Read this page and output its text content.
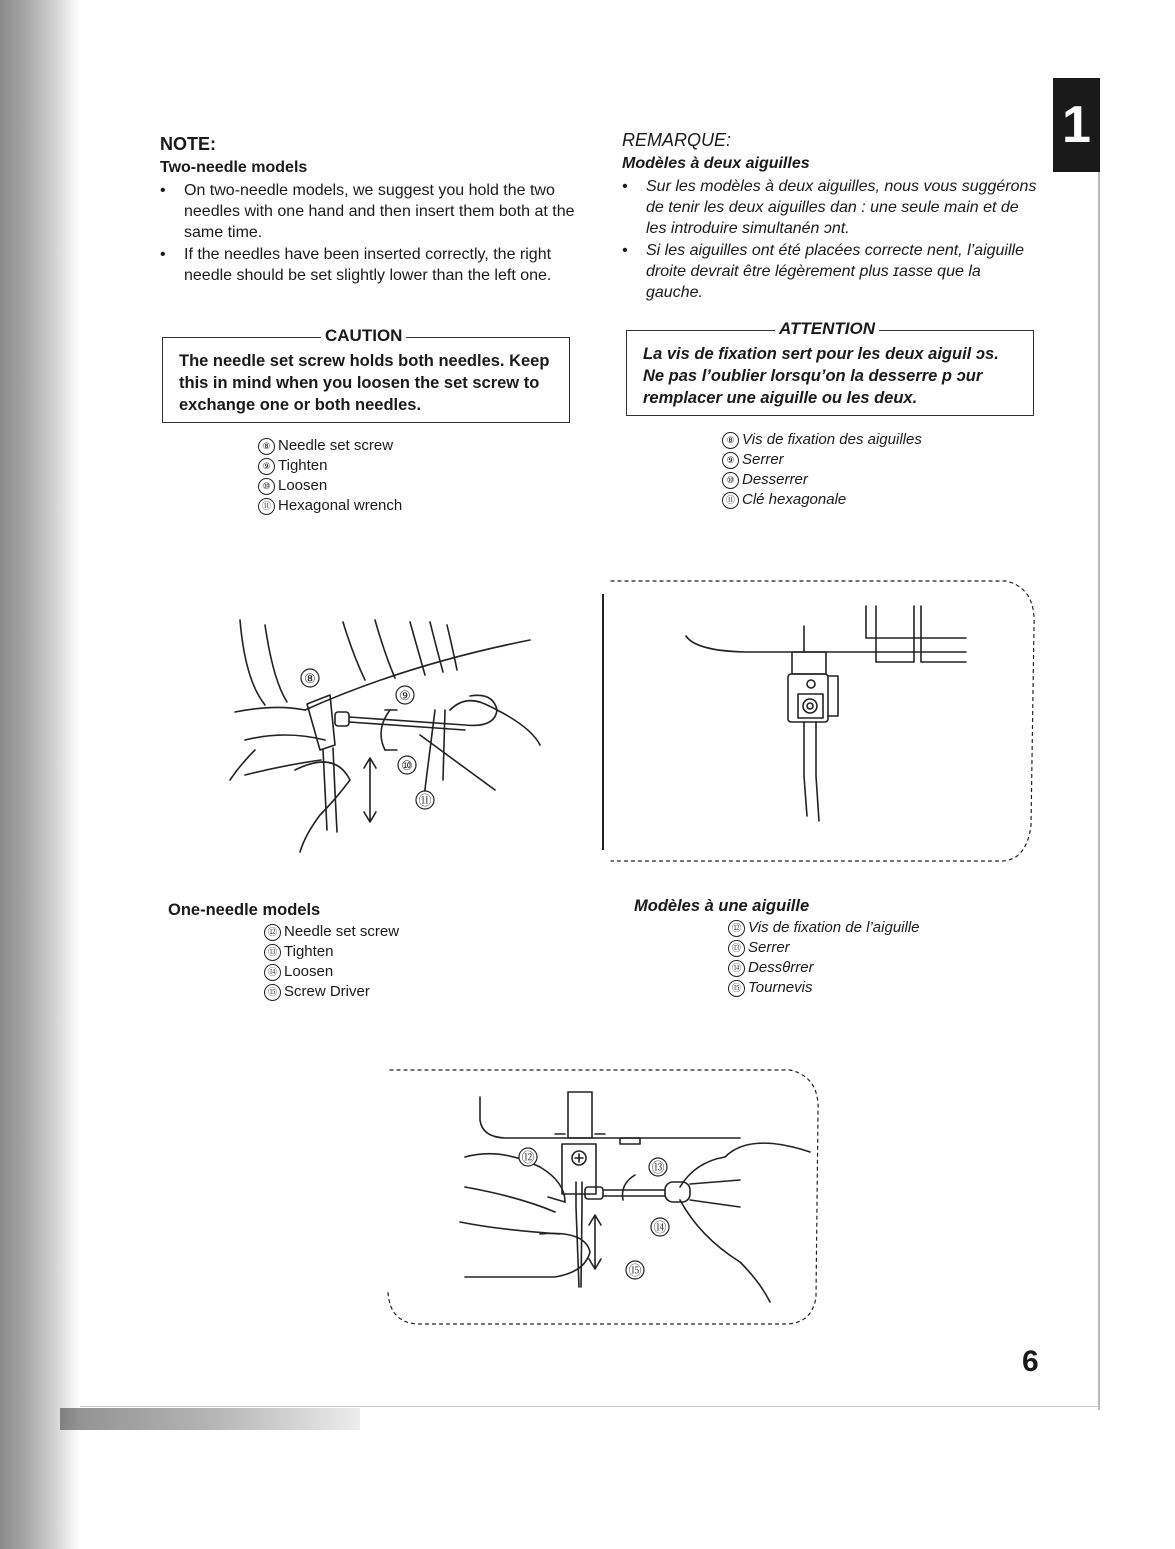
1

NOTE:

Two-needle models

• On two-needle models, we suggest you hold the two needles with one hand and then insert them both at the same time.
• If the needles have been inserted correctly, the right needle should be set slightly lower than the left one.

REMARQUE:

Modèles à deux aiguilles

• Sur les modèles à deux aiguilles, nous vous suggérons de tenir les deux aiguilles dan : une seule main et de les introduire simultanén ɔnt.
• Si les aiguilles ont été placées correcte nent, l’aiguille droite devrait être légèrement plus ɪasse que la gauche.
CAUTION
The needle set screw holds both needles. Keep this in mind when you loosen the set screw to exchange one or both needles.
ATTENTION
La vis de fixation sert pour les deux aiguil ɔs. Ne pas l’oublier lorsqu’on la desserre p ɔur remplacer une aiguille ou les deux.
⑧ Needle set screw
⑨ Tighten
⑩ Loosen
⑪ Hexagonal wrench
⑧ Vis de fixation des aiguilles
⑨ Serrer
⑩ Desserrer
⑪ Clé hexagonale
⑧
⑨
⑩
⑪
One-needle models	Modèles à une aiguille
⑫ Needle set screw
⑬ Tighten
⑭ Loosen
⑮ Screw Driver
⑫ Vis de fixation de l’aiguille
⑬ Serrer
⑭ Dessθrrer
⑮ Tournevis
⑫
⑬
⑭
⑮
6
